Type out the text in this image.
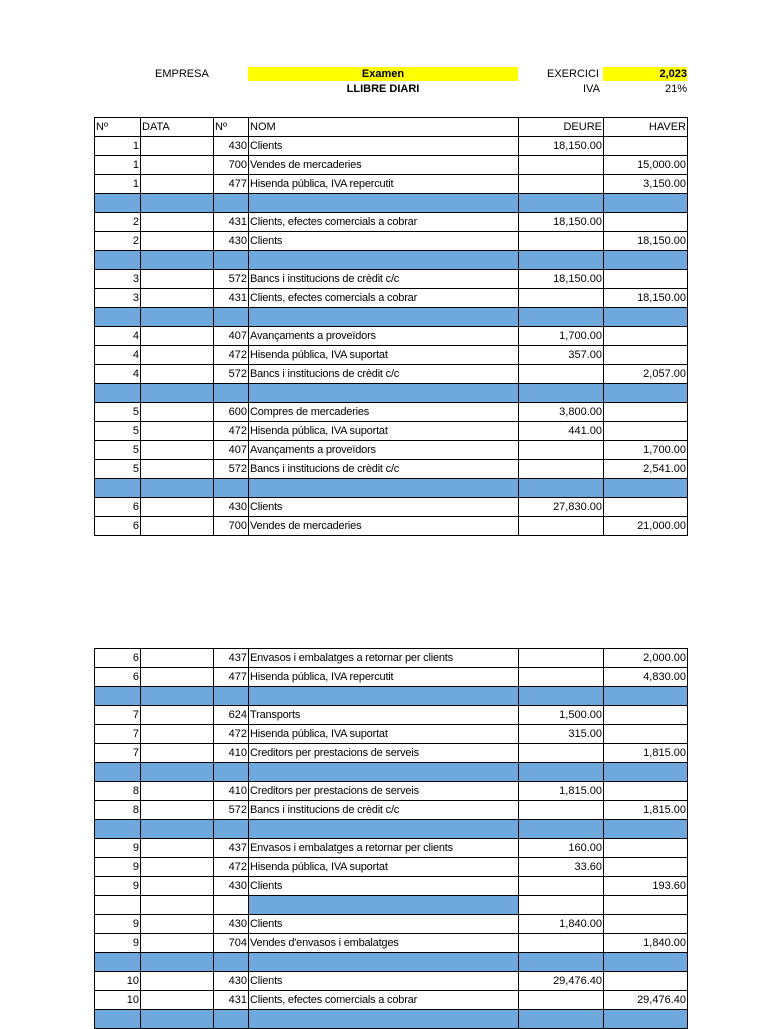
EMPRESA	Examen	EXERCICI	2,023
LLIBRE DIARI	IVA	21%
Nº	DATA	Nº	NOM	DEURE	HAVER
1		430	Clients	18,150.00	
1		700	Vendes de mercaderies		15,000.00
1		477	Hisenda pública, IVA repercutit		3,150.00

2		431	Clients, efectes comercials a cobrar	18,150.00	
2		430	Clients		18,150.00

3		572	Bancs i institucions de crèdit c/c	18,150.00	
3		431	Clients, efectes comercials a cobrar		18,150.00

4		407	Avançaments a proveïdors	1,700.00	
4		472	Hisenda pública, IVA suportat	357.00	
4		572	Bancs i institucions de crèdit c/c		2,057.00

5		600	Compres de mercaderies	3,800.00	
5		472	Hisenda pública, IVA suportat	441.00	
5		407	Avançaments a proveïdors		1,700.00
5		572	Bancs i institucions de crèdit c/c		2,541.00

6		430	Clients	27,830.00	
6		700	Vendes de mercaderies		21,000.00
6		437	Envasos i embalatges a retornar per clients		2,000.00
6		477	Hisenda pública, IVA repercutit		4,830.00

7		624	Transports	1,500.00	
7		472	Hisenda pública, IVA suportat	315.00	
7		410	Creditors per prestacions de serveis		1,815.00

8		410	Creditors per prestacions de serveis	1,815.00	
8		572	Bancs i institucions de crèdit c/c		1,815.00

9		437	Envasos i embalatges a retornar per clients	160.00	
9		472	Hisenda pública, IVA suportat	33.60	
9		430	Clients		193.60

9		430	Clients	1,840.00	
9		704	Vendes d'envasos i embalatges		1,840.00

10		430	Clients	29,476.40	
10		431	Clients, efectes comercials a cobrar		29,476.40
